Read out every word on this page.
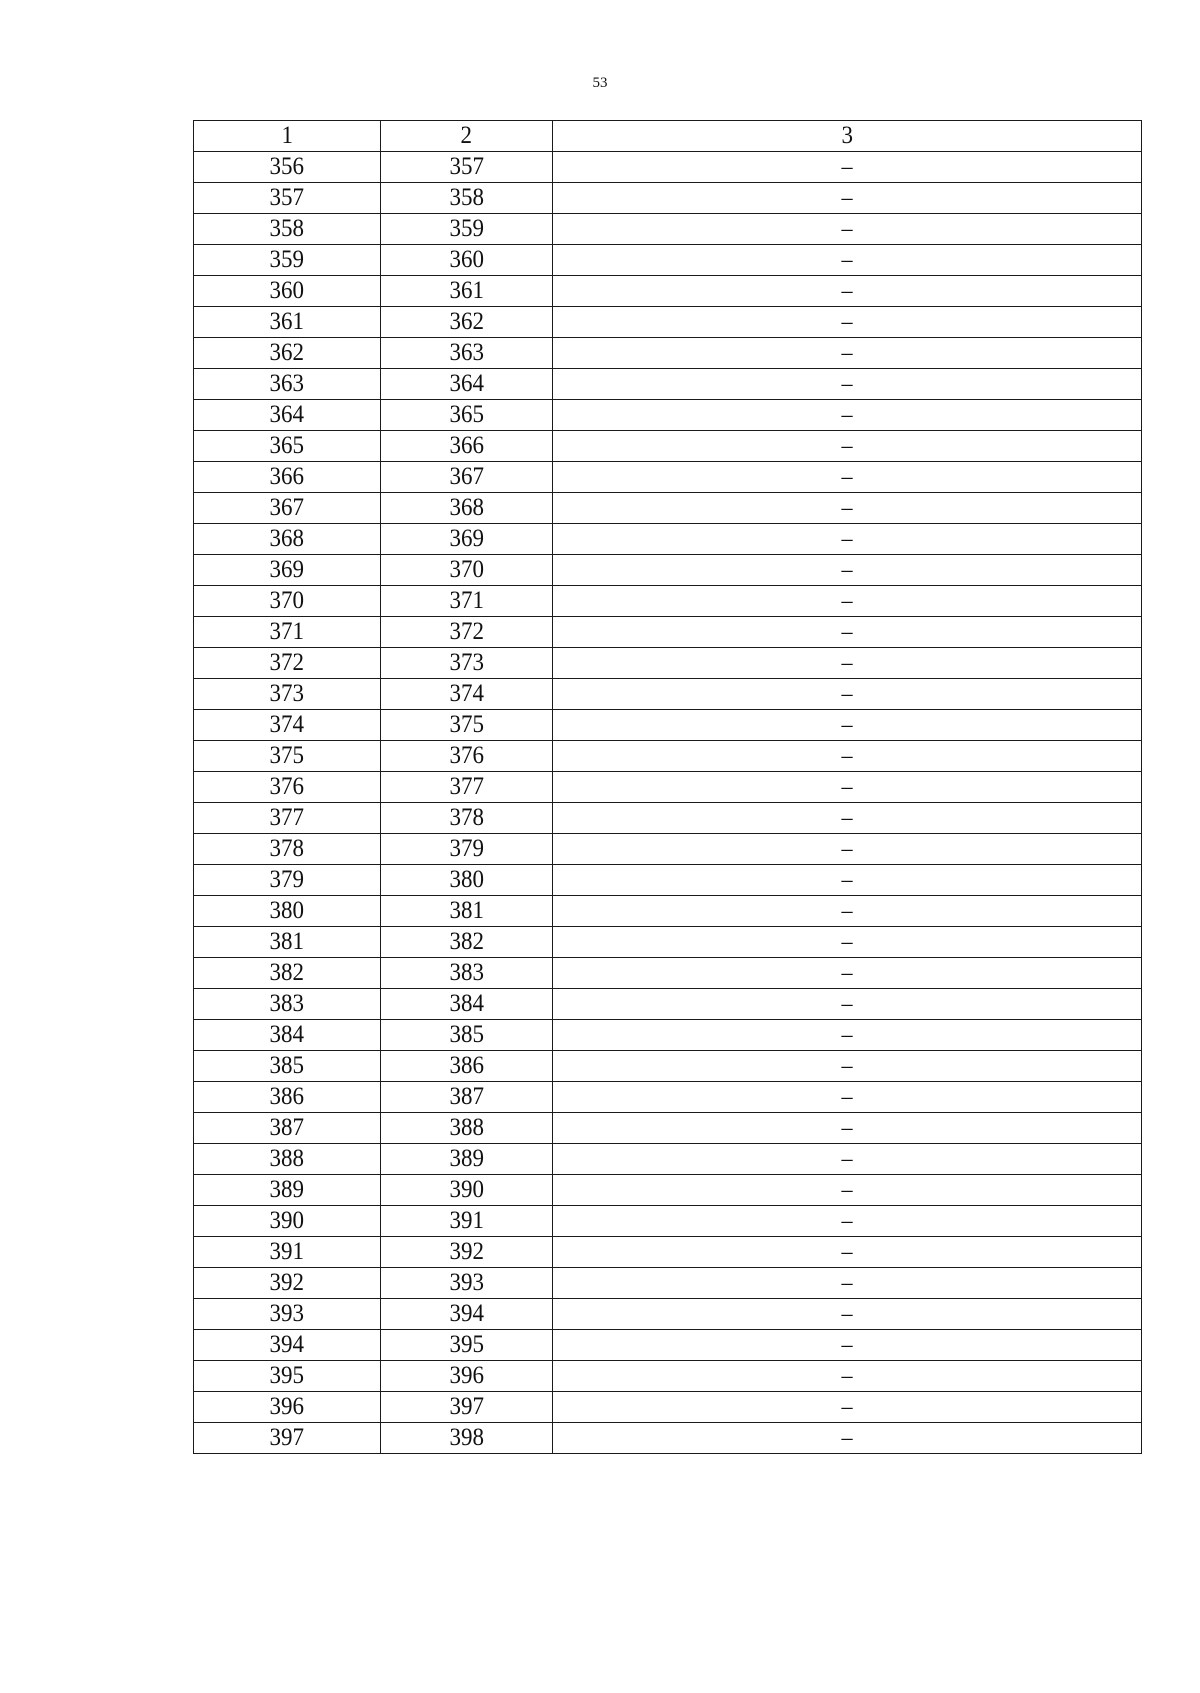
53
1	2	3
356	357	–
357	358	–
358	359	–
359	360	–
360	361	–
361	362	–
362	363	–
363	364	–
364	365	–
365	366	–
366	367	–
367	368	–
368	369	–
369	370	–
370	371	–
371	372	–
372	373	–
373	374	–
374	375	–
375	376	–
376	377	–
377	378	–
378	379	–
379	380	–
380	381	–
381	382	–
382	383	–
383	384	–
384	385	–
385	386	–
386	387	–
387	388	–
388	389	–
389	390	–
390	391	–
391	392	–
392	393	–
393	394	–
394	395	–
395	396	–
396	397	–
397	398	–
